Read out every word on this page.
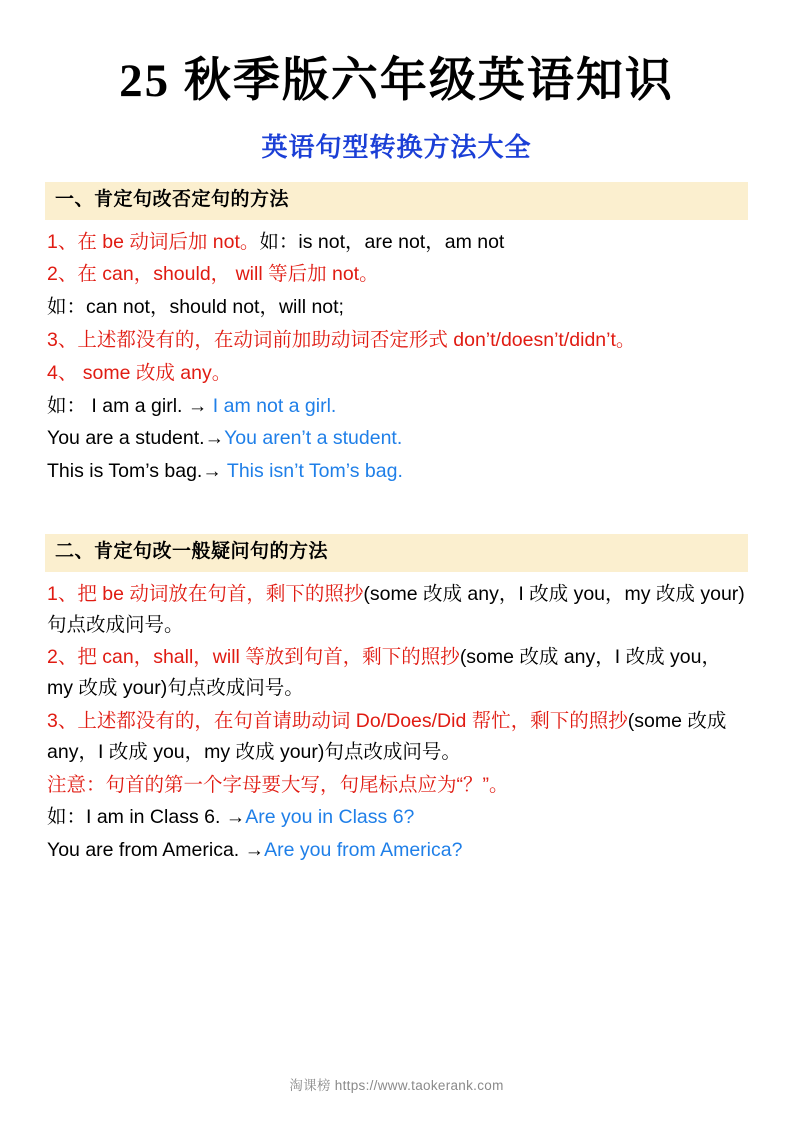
25 秋季版六年级英语知识
英语句型转换方法大全
一、肯定句改否定句的方法
1、在 be 动词后加 not。如：is not，are not，am not
2、在 can，should， will 等后加 not。
如：can not，should not，will not;
3、上述都没有的，在动词前加助动词否定形式 don’t/doesn’t/didn’t。
4、 some 改成 any。
如： I am a girl. → I am not a girl.
You are a student.→You aren’t a student.
This is Tom’s bag.→ This isn’t Tom’s bag.
二、肯定句改一般疑问句的方法
1、把 be 动词放在句首，剩下的照抄(some 改成 any，I 改成 you，my 改成 your)句点改成问号。
2、把 can，shall，will 等放到句首，剩下的照抄(some 改成 any，I 改成 you，my 改成 your)句点改成问号。
3、上述都没有的，在句首请助动词 Do/Does/Did 帮忙，剩下的照抄(some 改成 any，I 改成 you，my 改成 your)句点改成问号。
注意：句首的第一个字母要大写，句尾标点应为“？”。
如：I am in Class 6. →Are you in Class 6?
You are from America. →Are you from America?
淘课榜 https://www.taokerank.com
